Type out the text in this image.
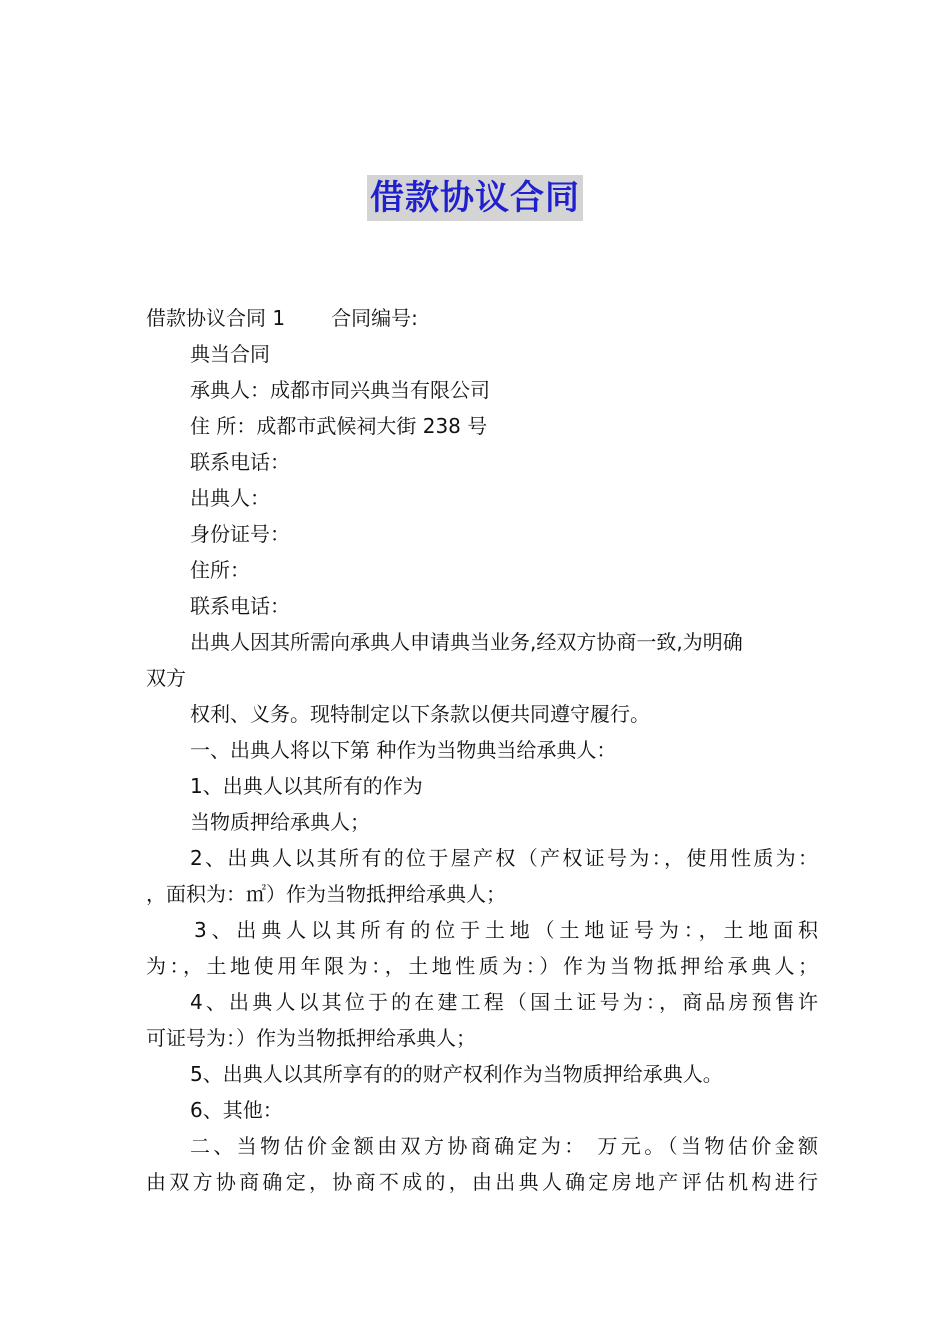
借款协议合同
借款协议合同 1 合同编号:
典当合同
承典人：成都市同兴典当有限公司
住 所：成都市武候祠大街 238 号
联系电话：
出典人：
身份证号：
住所：
联系电话：
出典人因其所需向承典人申请典当业务,经双方协商一致,为明确
双方
权利、义务。现特制定以下条款以便共同遵守履行。
一、出典人将以下第 种作为当物典当给承典人：
1、出典人以其所有的作为
当物质押给承典人；
2、出典人以其所有的位于屋产权（产权证号为：，使用性质为：
，面积为：㎡）作为当物抵押给承典人；
3、出典人以其所有的位于土地（土地证号为：，土地面积
为：，土地使用年限为：，土地性质为：）作为当物抵押给承典人；
4、出典人以其位于的在建工程（国土证号为：，商品房预售许
可证号为：）作为当物抵押给承典人；
5、出典人以其所享有的的财产权利作为当物质押给承典人。
6、其他：
二、当物估价金额由双方协商确定为： 万元。（当物估价金额
由双方协商确定，协商不成的，由出典人确定房地产评估机构进行
